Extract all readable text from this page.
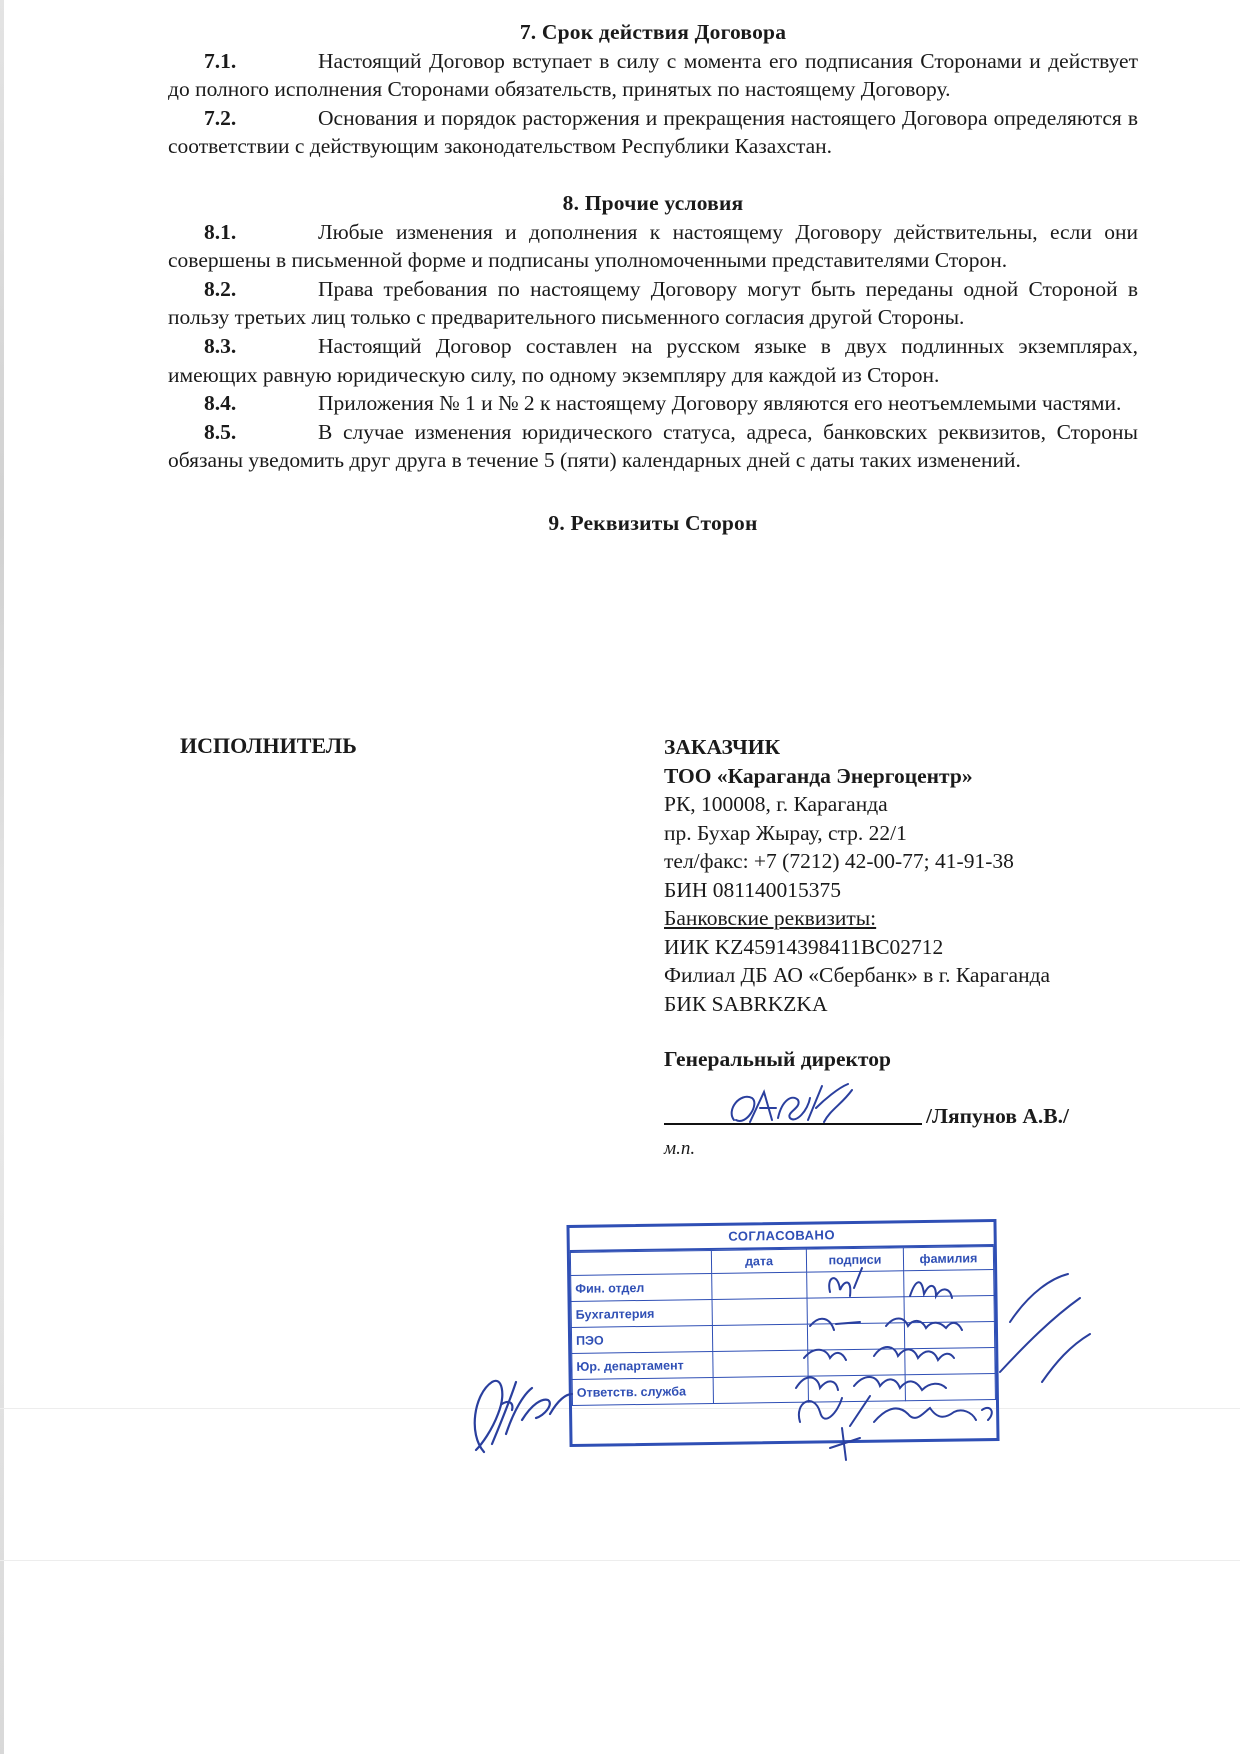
7. Срок действия Договора

7.1.	Настоящий Договор вступает в силу с момента его подписания Сторонами и действует до полного исполнения Сторонами обязательств, принятых по настоящему Договору.

7.2.	Основания и порядок расторжения и прекращения настоящего Договора определяются в соответствии с действующим законодательством Республики Казахстан.

8. Прочие условия

8.1.	Любые изменения и дополнения к настоящему Договору действительны, если они совершены в письменной форме и подписаны уполномоченными представителями Сторон.

8.2.	Права требования по настоящему Договору могут быть переданы одной Стороной в пользу третьих лиц только с предварительного письменного согласия другой Стороны.

8.3.	Настоящий Договор составлен на русском языке в двух подлинных экземплярах, имеющих равную юридическую силу, по одному экземпляру для каждой из Сторон.

8.4.	Приложения № 1 и № 2 к настоящему Договору являются его неотъемлемыми частями.

8.5.	В случае изменения юридического статуса, адреса, банковских реквизитов, Стороны обязаны уведомить друг друга в течение 5 (пяти) календарных дней с даты таких изменений.

9. Реквизиты Сторон

ИСПОЛНИТЕЛЬ	ЗАКАЗЧИК
ТОО «Караганда Энергоцентр»
РК, 100008, г. Караганда
пр. Бухар Жырау, стр. 22/1
тел/факс: +7 (7212) 42-00-77; 41-91-38
БИН 081140015375
Банковские реквизиты:
ИИК KZ45914398411BC02712
Филиал ДБ АО «Сбербанк» в г. Караганда
БИК SABRKZKA
Генеральный директор
/Ляпунов А.В./
м.п.
СОГЛАСОВАНО
	дата	подписи	фамилия
Фин. отдел			
Бухгалтерия			
ПЭО			
Юр. департамент			
Ответств. служба			
